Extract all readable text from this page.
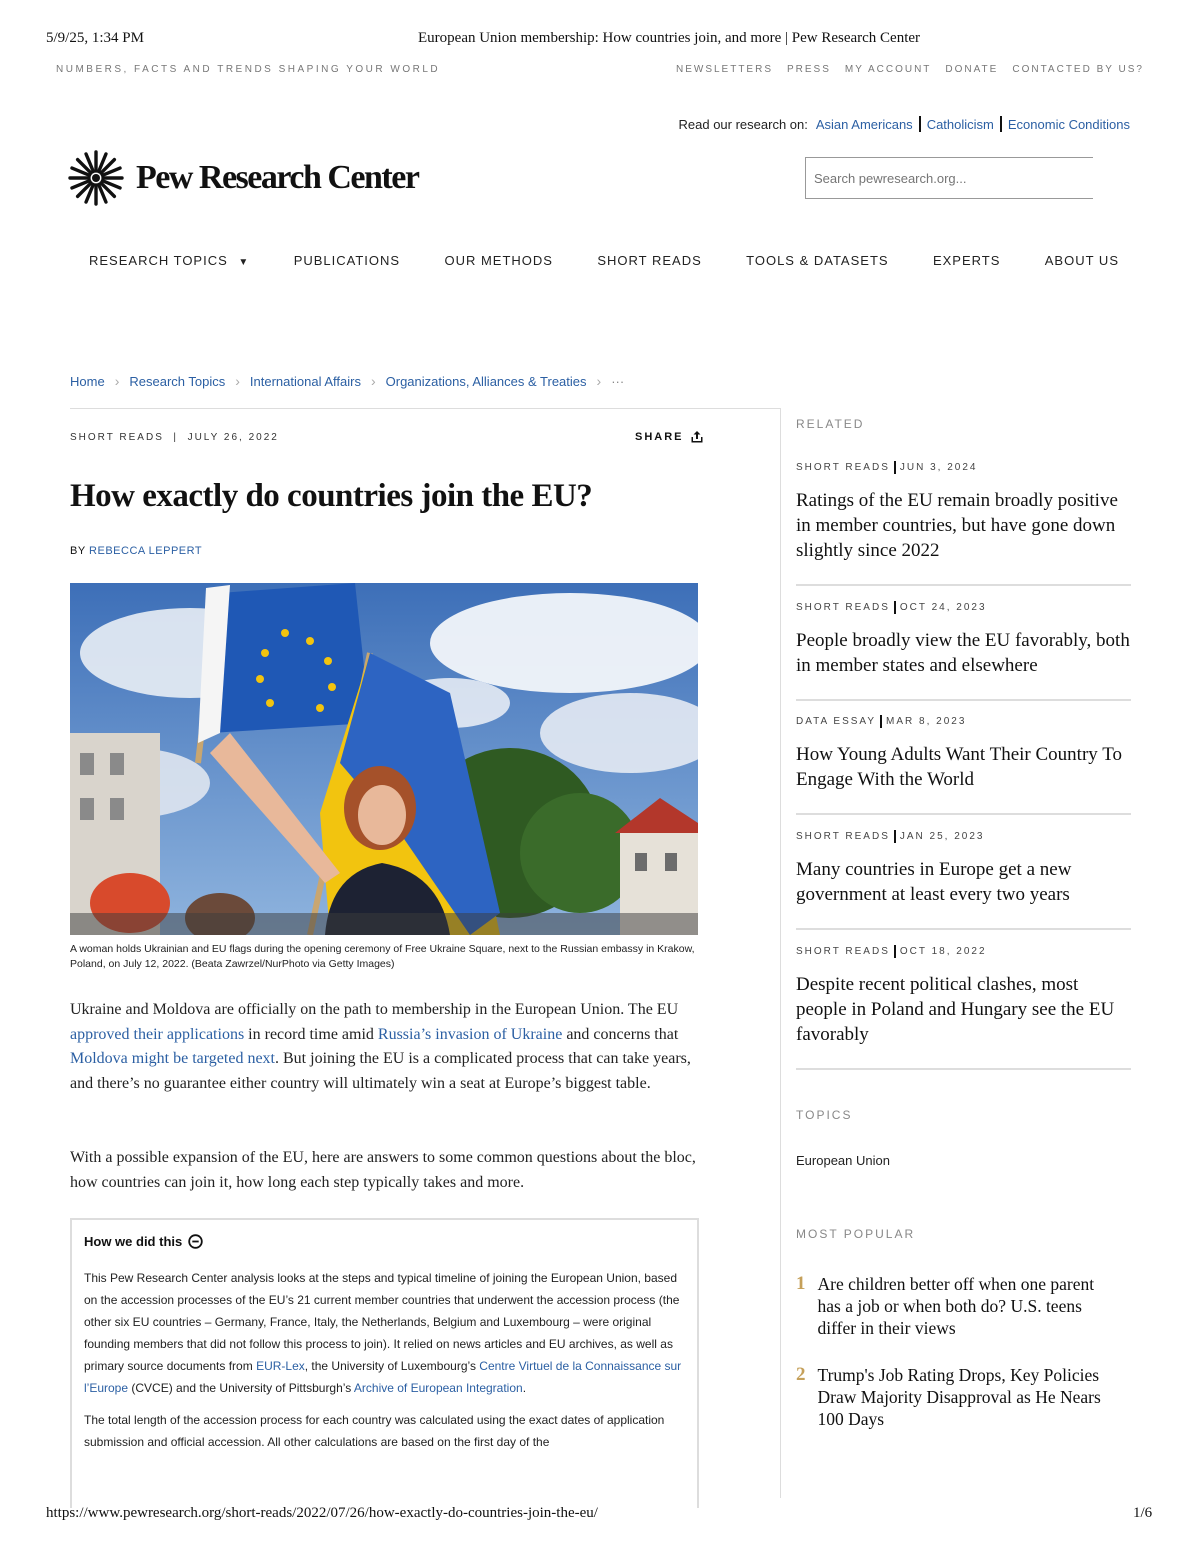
5/9/25, 1:34 PM	European Union membership: How countries join, and more | Pew Research Center
NUMBERS, FACTS AND TRENDS SHAPING YOUR WORLD	NEWSLETTERS PRESS MY ACCOUNT DONATE CONTACTED BY US?
Read our research on: Asian Americans Catholicism Economic Conditions
Pew Research Center
Search pewresearch.org...
RESEARCH TOPICS ▼	PUBLICATIONS	OUR METHODS	SHORT READS	TOOLS & DATASETS	EXPERTS	ABOUT US
Home › Research Topics › International Affairs › Organizations, Alliances & Treaties › ···
SHORT READS  |  JULY 26, 2022	SHARE
How exactly do countries join the EU?
BY REBECCA LEPPERT
A woman holds Ukrainian and EU flags during the opening ceremony of Free Ukraine Square, next to the Russian embassy in Krakow, Poland, on July 12, 2022. (Beata Zawrzel/NurPhoto via Getty Images)
Ukraine and Moldova are officially on the path to membership in the European Union. The EU approved their applications in record time amid Russia’s invasion of Ukraine and concerns that Moldova might be targeted next. But joining the EU is a complicated process that can take years, and there’s no guarantee either country will ultimately win a seat at Europe’s biggest table.
With a possible expansion of the EU, here are answers to some common questions about the bloc, how countries can join it, how long each step typically takes and more.
How we did this

This Pew Research Center analysis looks at the steps and typical timeline of joining the European Union, based on the accession processes of the EU’s 21 current member countries that underwent the accession process (the other six EU countries – Germany, France, Italy, the Netherlands, Belgium and Luxembourg – were original founding members that did not follow this process to join). It relied on news articles and EU archives, as well as primary source documents from EUR-Lex, the University of Luxembourg’s Centre Virtuel de la Connaissance sur l’Europe (CVCE) and the University of Pittsburgh’s Archive of European Integration.

The total length of the accession process for each country was calculated using the exact dates of application submission and official accession. All other calculations are based on the first day of the

RELATED
SHORT READS JUN 3, 2024
Ratings of the EU remain broadly positive in member countries, but have gone down slightly since 2022
SHORT READS OCT 24, 2023
People broadly view the EU favorably, both in member states and elsewhere
DATA ESSAY MAR 8, 2023
How Young Adults Want Their Country To Engage With the World
SHORT READS JAN 25, 2023
Many countries in Europe get a new government at least every two years
SHORT READS OCT 18, 2022
Despite recent political clashes, most people in Poland and Hungary see the EU favorably
TOPICS
European Union
MOST POPULAR
1 Are children better off when one parent has a job or when both do? U.S. teens differ in their views
2 Trump's Job Rating Drops, Key Policies Draw Majority Disapproval as He Nears 100 Days
https://www.pewresearch.org/short-reads/2022/07/26/how-exactly-do-countries-join-the-eu/	1/6
